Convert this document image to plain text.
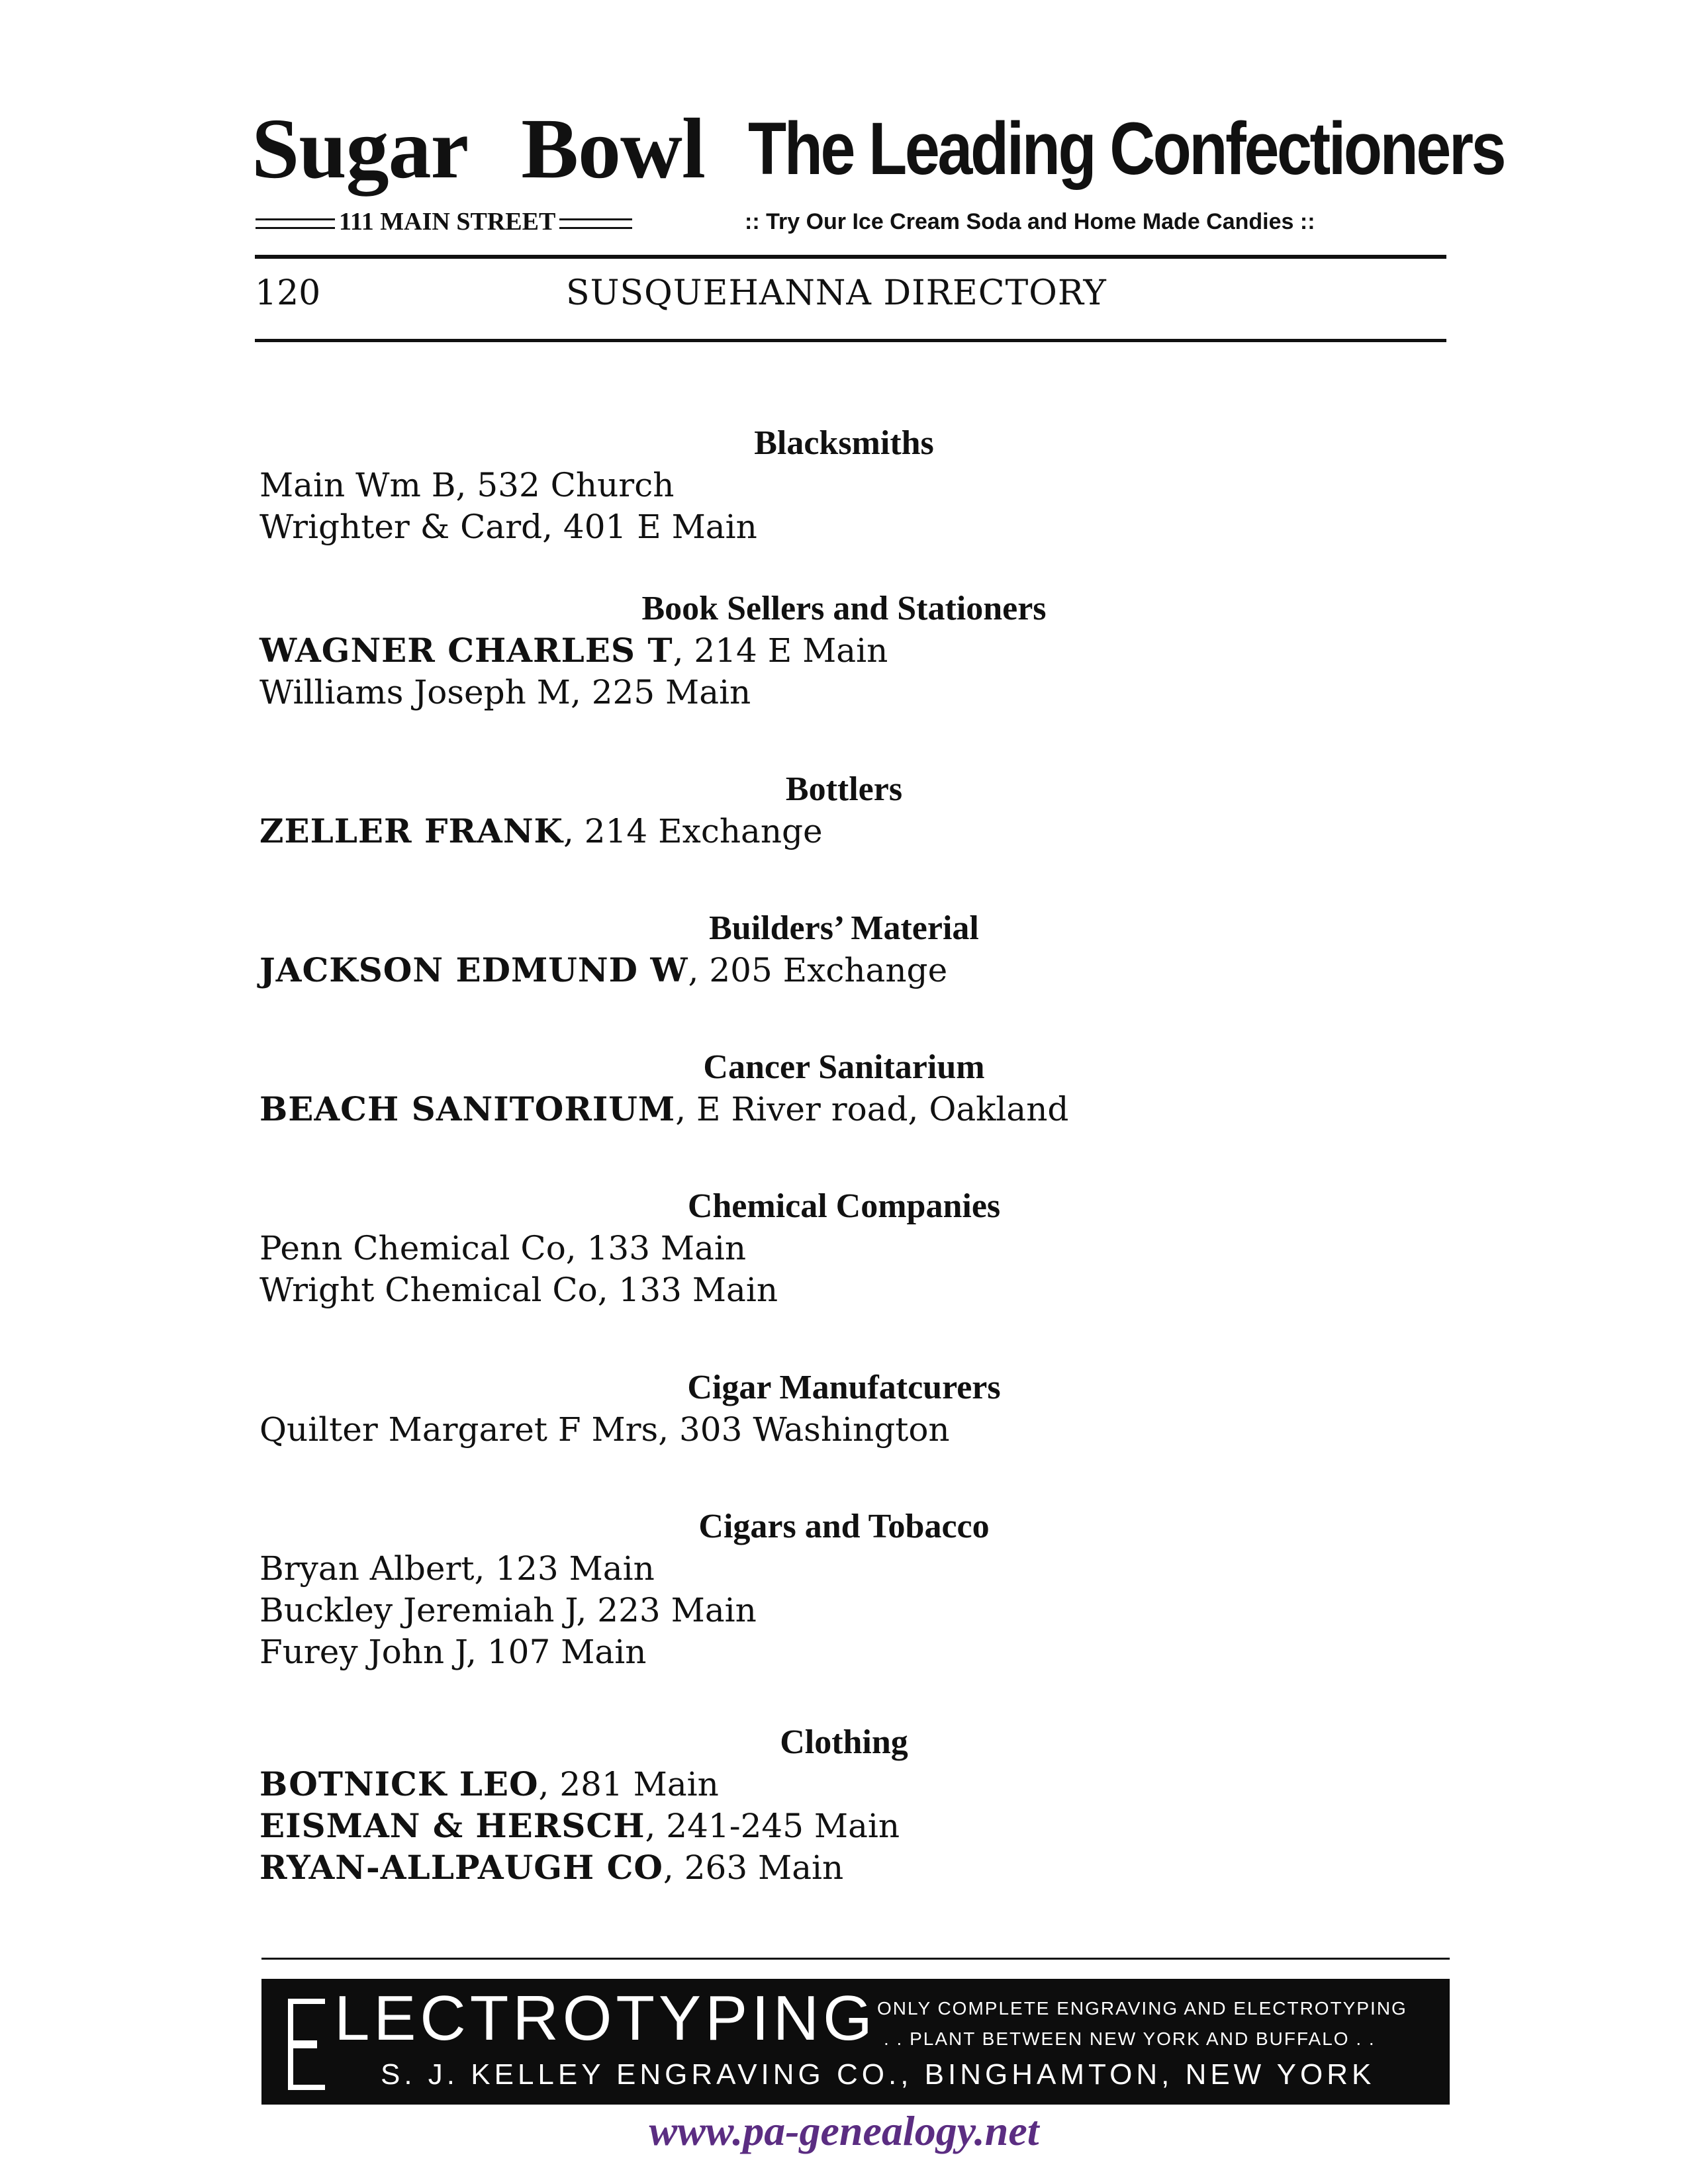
Sugar Bowl The Leading Confectioners
111 MAIN STREET	:: Try Our Ice Cream Soda and Home Made Candies ::
120	SUSQUEHANNA DIRECTORY
Blacksmiths
Main Wm B, 532 Church
Wrighter & Card, 401 E Main
Book Sellers and Stationers
WAGNER CHARLES T, 214 E Main
Williams Joseph M, 225 Main
Bottlers
ZELLER FRANK, 214 Exchange
Builders’ Material
JACKSON EDMUND W, 205 Exchange
Cancer Sanitarium
BEACH SANITORIUM, E River road, Oakland
Chemical Companies
Penn Chemical Co, 133 Main
Wright Chemical Co, 133 Main
Cigar Manufatcurers
Quilter Margaret F Mrs, 303 Washington
Cigars and Tobacco
Bryan Albert, 123 Main
Buckley Jeremiah J, 223 Main
Furey John J, 107 Main
Clothing
BOTNICK LEO, 281 Main
EISMAN & HERSCH, 241-245 Main
RYAN-ALLPAUGH CO, 263 Main
LECTROTYPING ONLY COMPLETE ENGRAVING AND ELECTROTYPING
. . PLANT BETWEEN NEW YORK AND BUFFALO . .
S. J. KELLEY ENGRAVING CO., BINGHAMTON, NEW YORK
www.pa-genealogy.net
